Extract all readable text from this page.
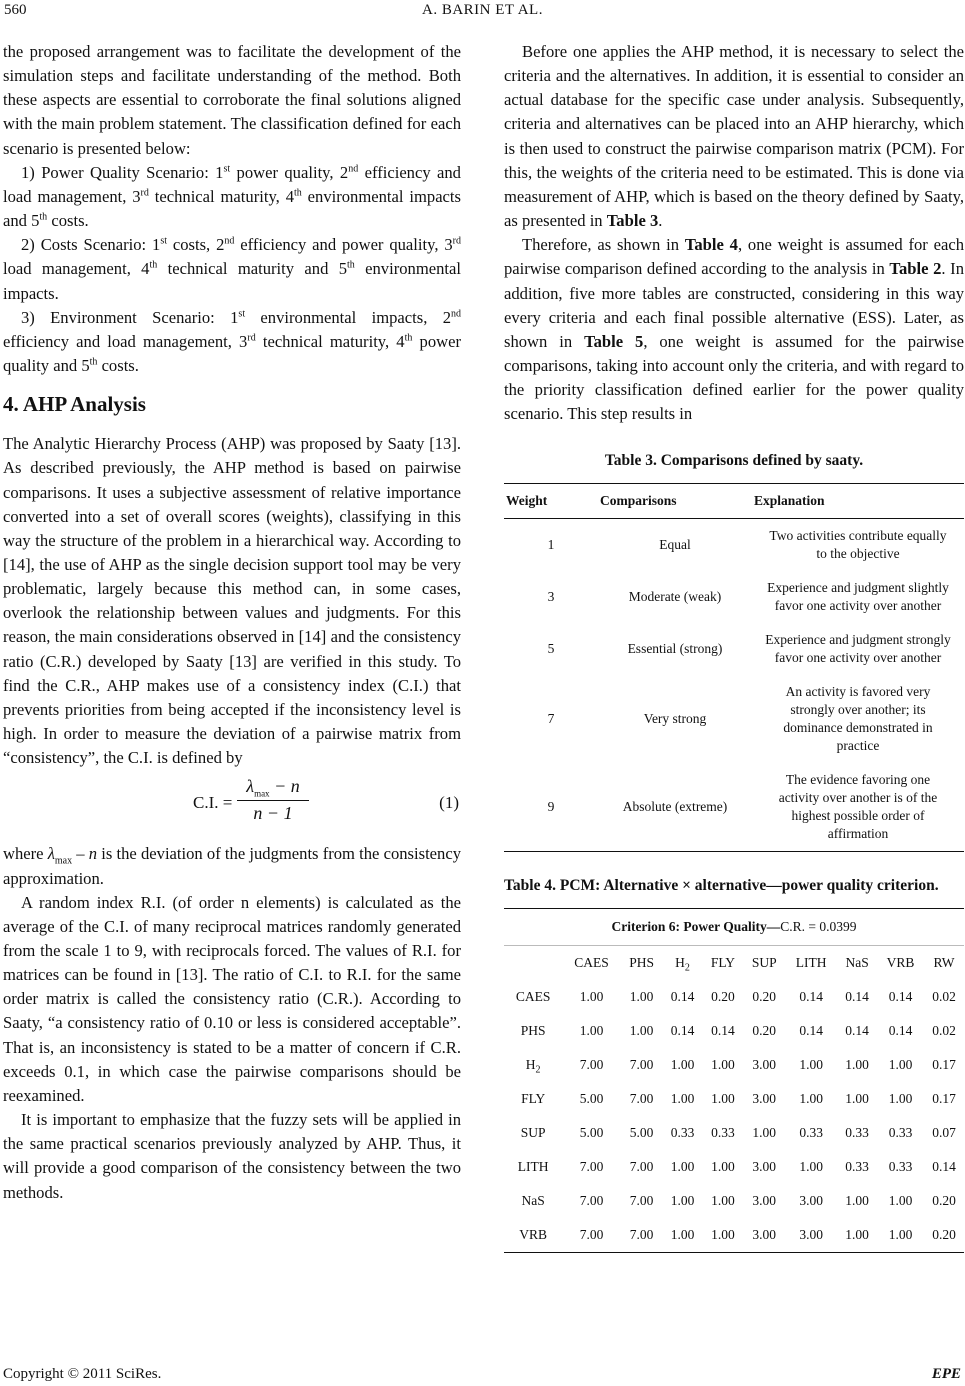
560	A. BARIN ET AL.

the proposed arrangement was to facilitate the development of the simulation steps and facilitate understanding of the method. Both these aspects are essential to corroborate the final solutions aligned with the main problem statement. The classification defined for each scenario is presented below:

1) Power Quality Scenario: 1st power quality, 2nd efficiency and load management, 3rd technical maturity, 4th environmental impacts and 5th costs.

2) Costs Scenario: 1st costs, 2nd efficiency and power quality, 3rd load management, 4th technical maturity and 5th environmental impacts.

3) Environment Scenario: 1st environmental impacts, 2nd efficiency and load management, 3rd technical maturity, 4th power quality and 5th costs.

4. AHP Analysis

The Analytic Hierarchy Process (AHP) was proposed by Saaty [13]. As described previously, the AHP method is based on pairwise comparisons. It uses a subjective assessment of relative importance converted into a set of overall scores (weights), classifying in this way the structure of the problem in a hierarchical way. According to [14], the use of AHP as the single decision support tool may be very problematic, largely because this method can, in some cases, overlook the relationship between values and judgments. For this reason, the main considerations observed in [14] and the consistency ratio (C.R.) developed by Saaty [13] are verified in this study. To find the C.R., AHP makes use of a consistency index (C.I.) that prevents priorities from being accepted if the inconsistency level is high. In order to measure the deviation of a pairwise matrix from “consistency”, the C.I. is defined by

C.I. =
$\lambda_{max} - n$
n − 1	(1)

where $\lambda_{max}$ – n is the deviation of the judgments from the consistency approximation.

A random index R.I. (of order n elements) is calculated as the average of the C.I. of many reciprocal matrices randomly generated from the scale 1 to 9, with reciprocals forced. The values of R.I. for matrices can be found in [13]. The ratio of C.I. to R.I. for the same order matrix is called the consistency ratio (C.R.). According to Saaty, “a consistency ratio of 0.10 or less is considered acceptable”. That is, an inconsistency is stated to be a matter of concern if C.R. exceeds 0.1, in which case the pairwise comparisons should be reexamined.

It is important to emphasize that the fuzzy sets will be applied in the same practical scenarios previously analyzed by AHP. Thus, it will provide a good comparison of the consistency between the two methods.

Before one applies the AHP method, it is necessary to select the criteria and the alternatives. In addition, it is essential to consider an actual database for the specific case under analysis. Subsequently, criteria and alternatives can be placed into an AHP hierarchy, which is then used to construct the pairwise comparison matrix (PCM). For this, the weights of the criteria need to be estimated. This is done via measurement of AHP, which is based on the theory defined by Saaty, as presented in Table 3.

Therefore, as shown in Table 4, one weight is assumed for each pairwise comparison defined according to the analysis in Table 2. In addition, five more tables are constructed, considering in this way every criteria and each final possible alternative (ESS). Later, as shown in Table 5, one weight is assumed for the pairwise comparisons, taking into account only the criteria, and with regard to the priority classification defined earlier for the power quality scenario. This step results in

Table 3. Comparisons defined by saaty.
Weight	Comparisons	Explanation
1	Equal	Two activities contribute equally to the objective
3	Moderate (weak)	Experience and judgment slightly favor one activity over another
5	Essential (strong)	Experience and judgment strongly favor one activity over another
7	Very strong	An activity is favored very strongly over another; its dominance demonstrated in practice
9	Absolute (extreme)	The evidence favoring one activity over another is of the highest possible order of affirmation
Table 4. PCM: Alternative × alternative—power quality criterion.
Criterion 6: Power Quality—C.R. = 0.0399									
	CAES	PHS	$H_2$	FLY	SUP	LITH	NaS	VRB	RW
CAES	1.00	1.00	0.14	0.20	0.20	0.14	0.14	0.14	0.02
PHS	1.00	1.00	0.14	0.14	0.20	0.14	0.14	0.14	0.02
$H_2$	7.00	7.00	1.00	1.00	3.00	1.00	1.00	1.00	0.17
FLY	5.00	7.00	1.00	1.00	3.00	1.00	1.00	1.00	0.17
SUP	5.00	5.00	0.33	0.33	1.00	0.33	0.33	0.33	0.07
LITH	7.00	7.00	1.00	1.00	3.00	1.00	0.33	0.33	0.14
NaS	7.00	7.00	1.00	1.00	3.00	3.00	1.00	1.00	0.20
VRB	7.00	7.00	1.00	1.00	3.00	3.00	1.00	1.00	0.20
Copyright © 2011 SciRes.	EPE
